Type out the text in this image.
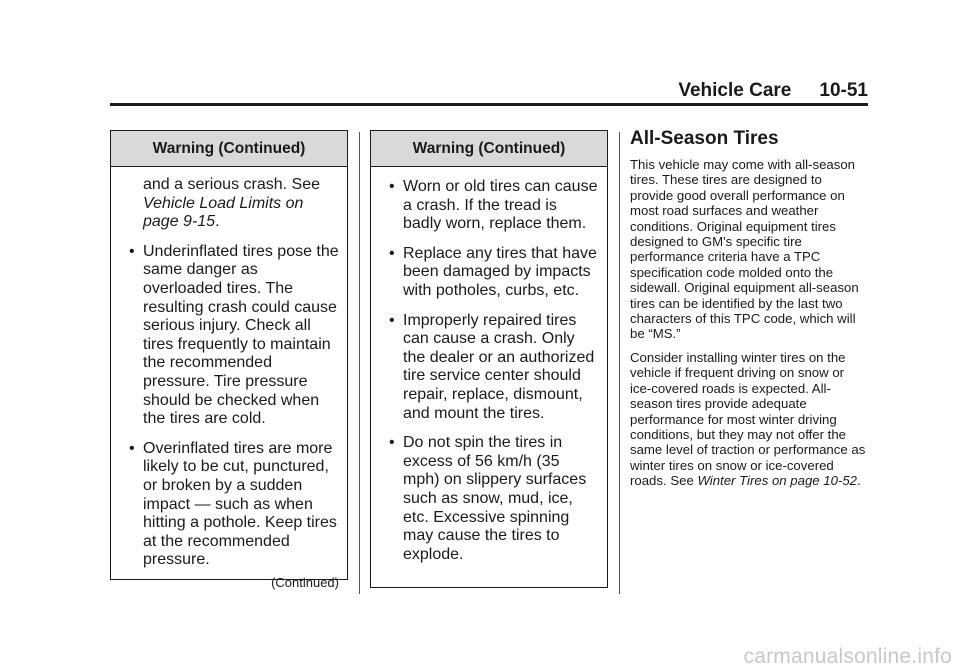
Vehicle Care 10-51
Warning (Continued)

and a serious crash. See
Vehicle Load Limits on page 9-15.

• Underinflated tires pose the same danger as overloaded tires. The resulting crash could cause serious injury. Check all tires frequently to maintain the recommended pressure. Tire pressure should be checked when the tires are cold.
• Overinflated tires are more likely to be cut, punctured, or broken by a sudden impact — such as when hitting a pothole. Keep tires at the recommended pressure.
(Continued)
Warning (Continued)
• Worn or old tires can cause a crash. If the tread is badly worn, replace them.
• Replace any tires that have been damaged by impacts with potholes, curbs, etc.
• Improperly repaired tires can cause a crash. Only the dealer or an authorized tire service center should repair, replace, dismount, and mount the tires.
• Do not spin the tires in excess of 56 km/h (35 mph) on slippery surfaces such as snow, mud, ice, etc. Excessive spinning may cause the tires to explode.
All-Season Tires

This vehicle may come with all-season tires. These tires are designed to provide good overall performance on most road surfaces and weather conditions. Original equipment tires designed to GM's specific tire performance criteria have a TPC specification code molded onto the sidewall. Original equipment all-season tires can be identified by the last two characters of this TPC code, which will be “MS.”

Consider installing winter tires on the vehicle if frequent driving on snow or ice-covered roads is expected. All-season tires provide adequate performance for most winter driving conditions, but they may not offer the same level of traction or performance as winter tires on snow or ice-covered roads. See Winter Tires on page 10-52.

carmanualsonline.info
